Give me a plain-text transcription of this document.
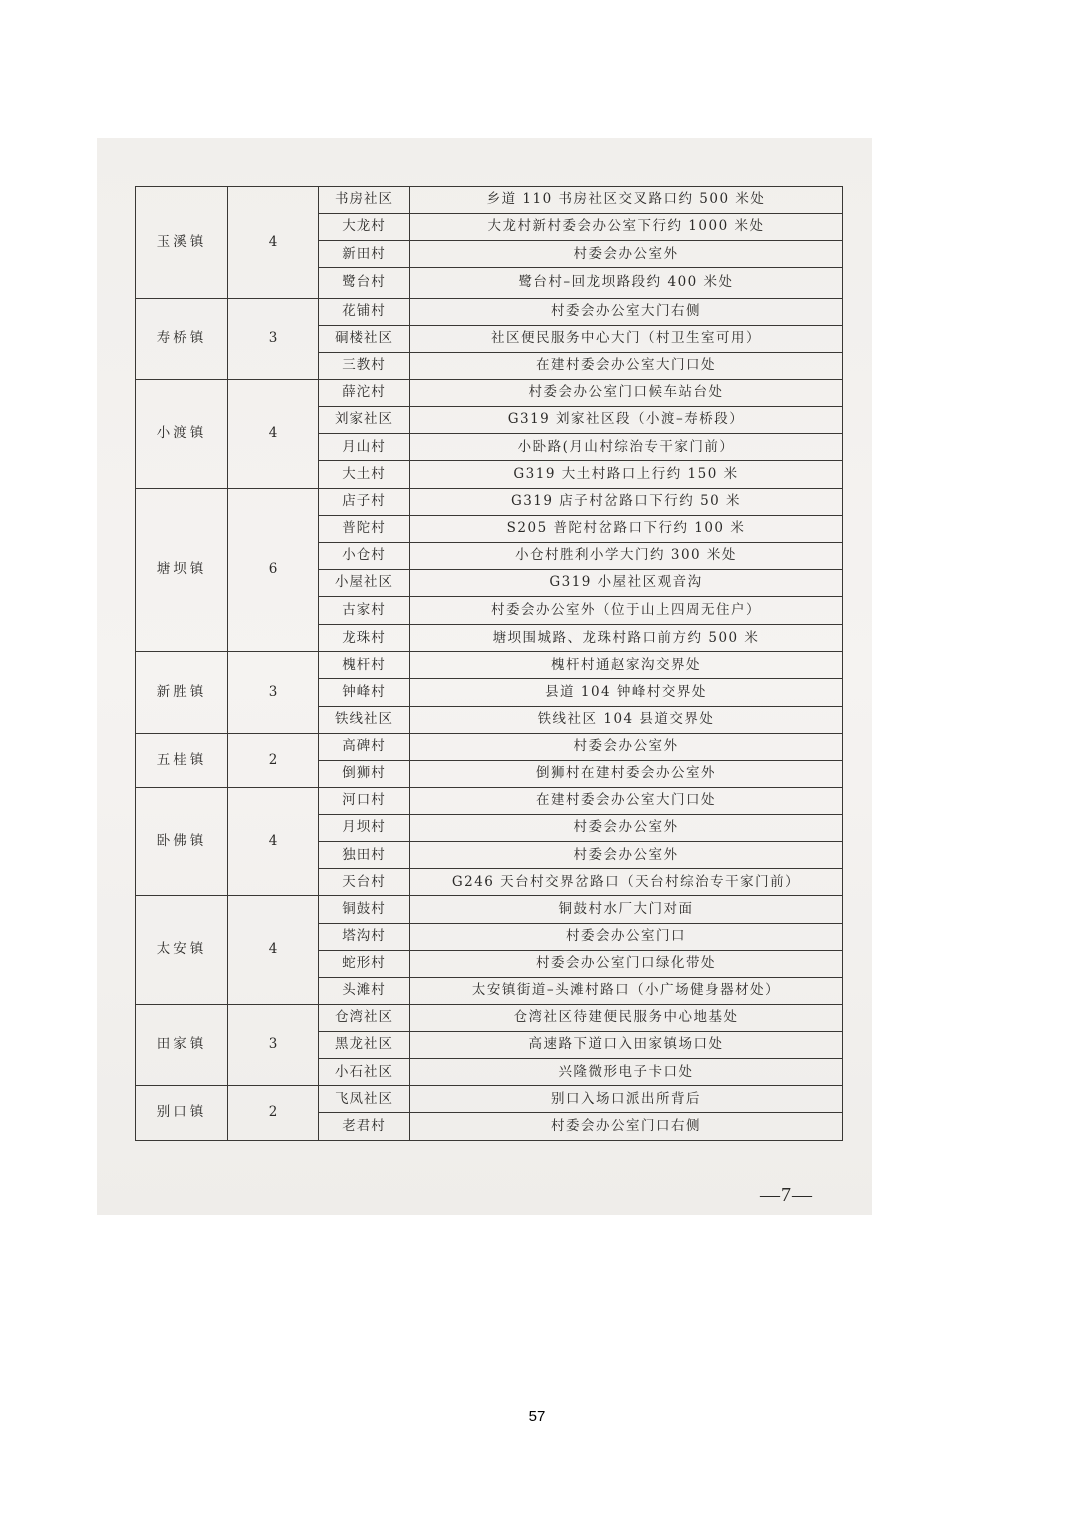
玉溪镇	4	书房社区	乡道 110 书房社区交叉路口约 500 米处
		大龙村	大龙村新村委会办公室下行约 1000 米处
		新田村	村委会办公室外
		鹭台村	鹭台村–回龙坝路段约 400 米处
寿桥镇	3	花铺村	村委会办公室大门右侧
		硐楼社区	社区便民服务中心大门（村卫生室可用）
		三教村	在建村委会办公室大门口处
小渡镇	4	薛沱村	村委会办公室门口候车站台处
		刘家社区	G319 刘家社区段（小渡–寿桥段）
		月山村	小卧路(月山村综治专干家门前）
		大土村	G319 大土村路口上行约 150 米
塘坝镇	6	店子村	G319 店子村岔路口下行约 50 米
		普陀村	S205 普陀村岔路口下行约 100 米
		小仓村	小仓村胜利小学大门约 300 米处
		小屋社区	G319 小屋社区观音沟
		古家村	村委会办公室外（位于山上四周无住户）
		龙珠村	塘坝围城路、龙珠村路口前方约 500 米
新胜镇	3	槐杆村	槐杆村通赵家沟交界处
		钟峰村	县道 104 钟峰村交界处
		铁线社区	铁线社区 104 县道交界处
五桂镇	2	高碑村	村委会办公室外
		倒狮村	倒狮村在建村委会办公室外
卧佛镇	4	河口村	在建村委会办公室大门口处
		月坝村	村委会办公室外
		独田村	村委会办公室外
		天台村	G246 天台村交界岔路口（天台村综治专干家门前）
太安镇	4	铜鼓村	铜鼓村水厂大门对面
		塔沟村	村委会办公室门口
		蛇形村	村委会办公室门口绿化带处
		头滩村	太安镇街道–头滩村路口（小广场健身器材处）
田家镇	3	仓湾社区	仓湾社区待建便民服务中心地基处
		黑龙社区	高速路下道口入田家镇场口处
		小石社区	兴隆微形电子卡口处
别口镇	2	飞凤社区	别口入场口派出所背后
		老君村	村委会办公室门口右侧
—7—
57
